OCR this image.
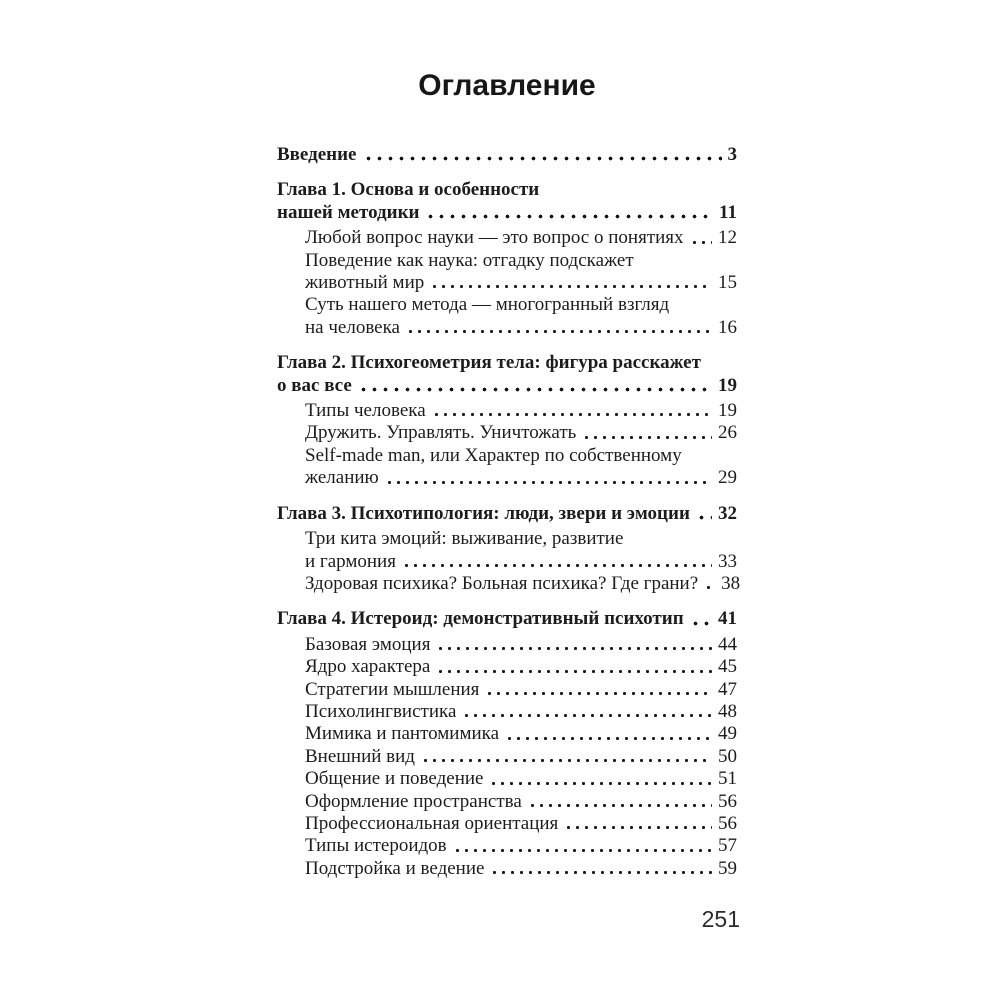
Оглавление
Введение	3
Глава 1. Основа и особенности
нашей методики	11
Любой вопрос науки — это вопрос о понятиях 12
Поведение как наука: отгадку подскажет
животный мир	15
Суть нашего метода — многогранный взгляд
на человека	16
Глава 2. Психогеометрия тела: фигура расскажет
о вас все	19
Типы человека	19
Дружить. Управлять. Уничтожать	26
Self-made man, или Характер по собственному
желанию	29
Глава 3. Психотипология: люди, звери и эмоции 32
Три кита эмоций: выживание, развитие
и гармония	33
Здоровая психика? Больная психика? Где грани? 38
Глава 4. Истероид: демонстративный психотип 41
Базовая эмоция	44
Ядро характера	45
Стратегии мышления	47
Психолингвистика	48
Мимика и пантомимика	49
Внешний вид	50
Общение и поведение	51
Оформление пространства	56
Профессиональная ориентация	56
Типы истероидов	57
Подстройка и ведение	59
251
